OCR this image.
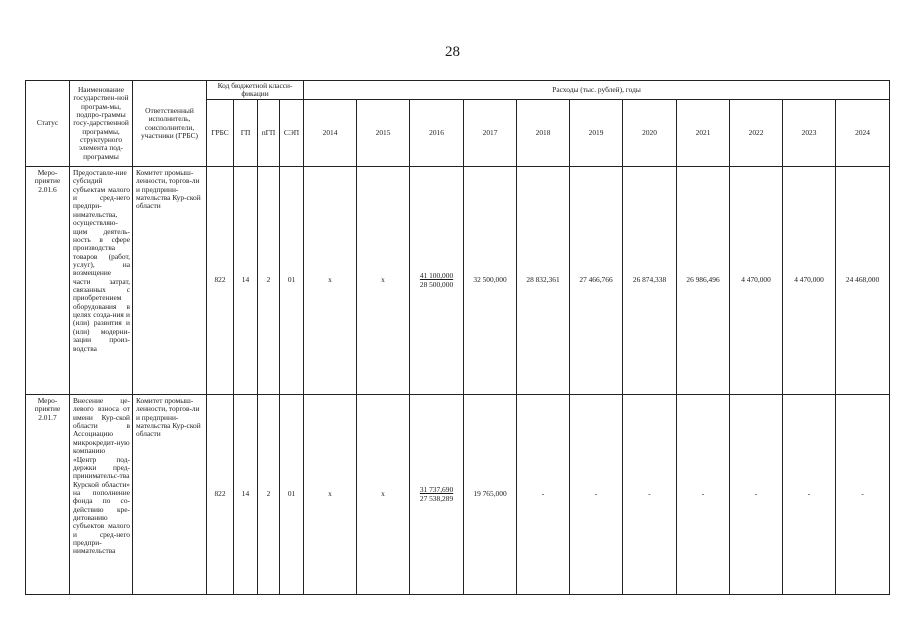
28
Статус	Наименование государствен-ной програм-мы, подпро-граммы госу-дарственной программы, структурного элемента под-программы	Ответственный исполнитель, соисполнители, участники (ГРБС)	Код бюджетной класси-фикации				Расходы (тыс. рублей), годы										
			ГРБС	ГП	пГП	СЭП	2014	2015	2016	2017	2018	2019	2020	2021	2022	2023	2024
Меро-приятие 2.01.6	Предоставле-ние субсидий субъектам малого и сред-него предпри-нимательства, осуществляю-щим деятель-ность в сфере производства товаров (работ, услуг), на возмещение части затрат, связанных с приобретением оборудования в целях созда-ния и (или) развития и (или) модерни-зации произ-водства	Комитет промыш-ленности, торгов-ли и предприни-мательства Кур-ской области	822	14	2	01	х	х	$\frac{41 100,000}{28 500,000}$	32 500,000	28 832,361	27 466,766	26 874,338	26 986,496	4 470,000	4 470,000	24 468,000
Меро-приятие 2.01.7	Внесение це-левого взноса от имени Кур-ской области в Ассоциацию микрокредит-ную компанию «Центр под-держки пред-принимательс-тва Курской области» на пополнение фонда по со-действию кре-дитованию субъектов малого и сред-него предпри-нимательства	Комитет промыш-ленности, торгов-ли и предприни-мательства Кур-ской области	822	14	2	01	х	х	$\frac{31 737,690}{27 538,289}$	19 765,000	-	-	-	-	-	-	-
